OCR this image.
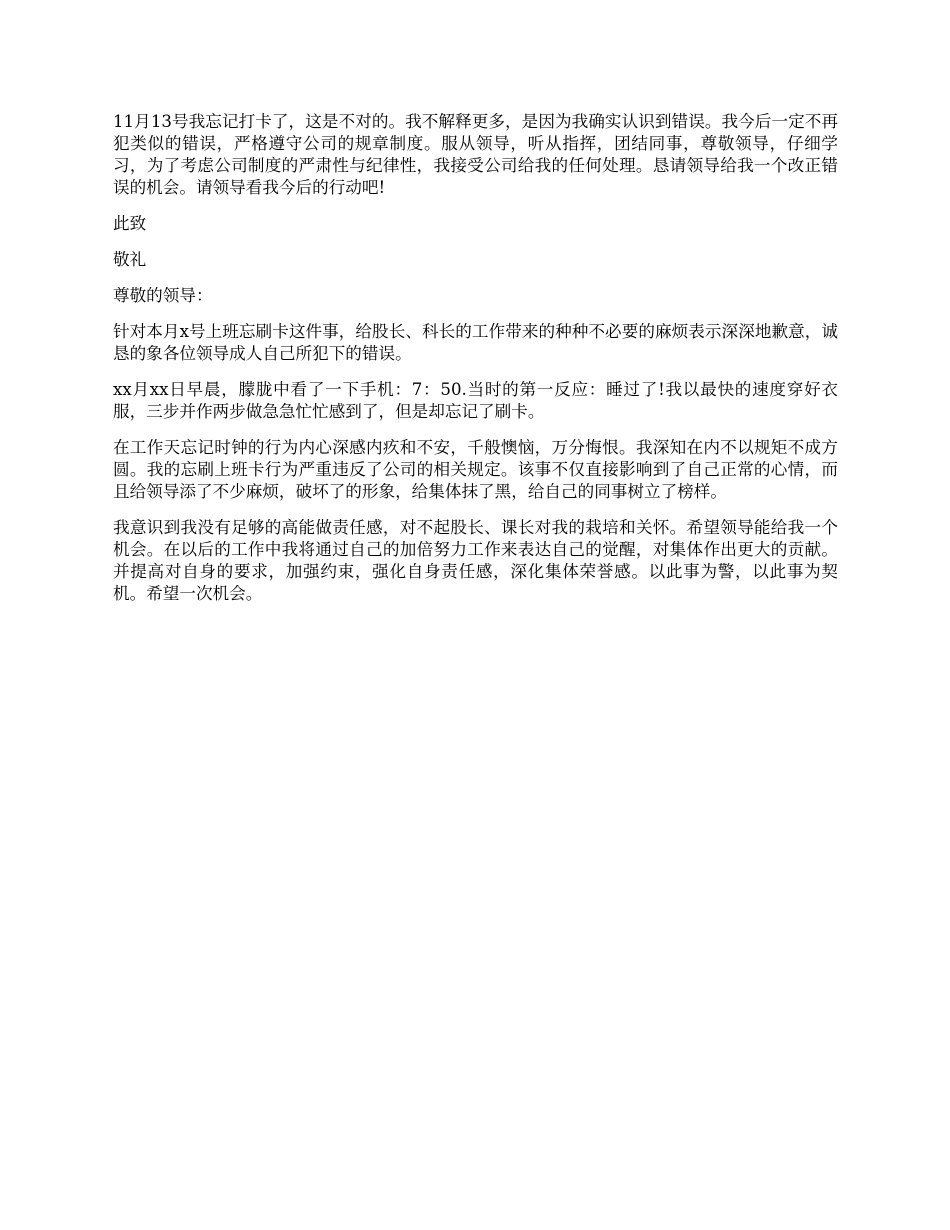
11月13号我忘记打卡了，这是不对的。我不解释更多，是因为我确实认识到错误。我今后一定不再犯类似的错误，严格遵守公司的规章制度。服从领导，听从指挥，团结同事，尊敬领导，仔细学习，为了考虑公司制度的严肃性与纪律性，我接受公司给我的任何处理。恳请领导给我一个改正错误的机会。请领导看我今后的行动吧!

此致

敬礼

尊敬的领导：

针对本月x号上班忘刷卡这件事，给股长、科长的工作带来的种种不必要的麻烦表示深深地歉意，诚恳的象各位领导成人自己所犯下的错误。

xx月xx日早晨，朦胧中看了一下手机：7：50.当时的第一反应：睡过了!我以最快的速度穿好衣服，三步并作两步做急急忙忙感到了，但是却忘记了刷卡。

在工作天忘记时钟的行为内心深感内疚和不安，千般懊恼，万分悔恨。我深知在内不以规矩不成方圆。我的忘刷上班卡行为严重违反了公司的相关规定。该事不仅直接影响到了自己正常的心情，而且给领导添了不少麻烦，破坏了的形象，给集体抹了黑，给自己的同事树立了榜样。

我意识到我没有足够的高能做责任感，对不起股长、课长对我的栽培和关怀。希望领导能给我一个机会。在以后的工作中我将通过自己的加倍努力工作来表达自己的觉醒，对集体作出更大的贡献。并提高对自身的要求，加强约束，强化自身责任感，深化集体荣誉感。以此事为警，以此事为契机。希望一次机会。
